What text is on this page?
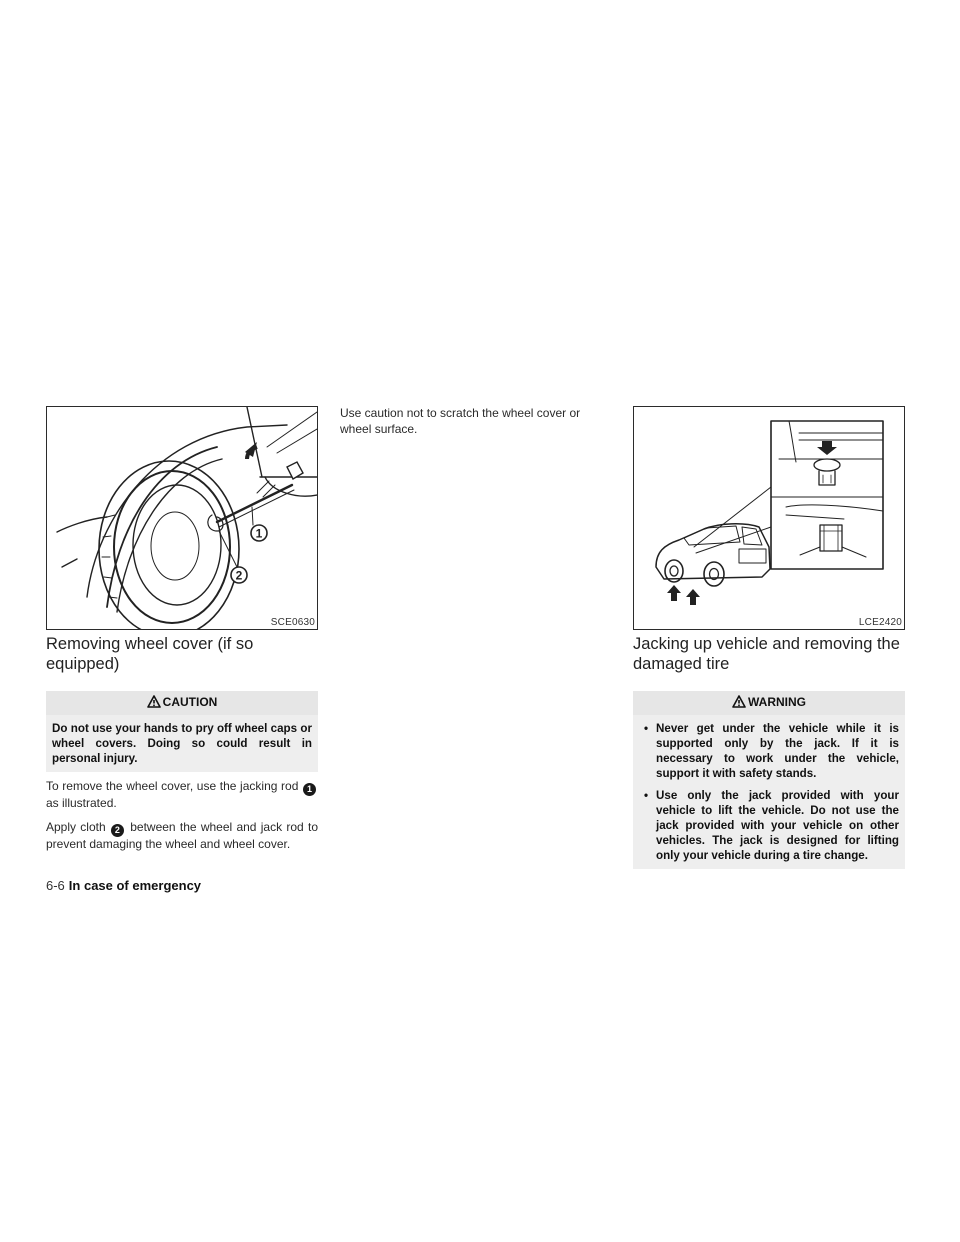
1
2
SCE0630
Removing wheel cover (if so equipped)
CAUTION

Do not use your hands to pry off wheel caps or wheel covers. Doing so could result in personal injury.

To remove the wheel cover, use the jacking rod 1 as illustrated.

Apply cloth 2 between the wheel and jack rod to prevent damaging the wheel and wheel cover.

Use caution not to scratch the wheel cover or wheel surface.

LCE2420
Jacking up vehicle and removing the damaged tire
WARNING
• Never get under the vehicle while it is supported only by the jack. If it is necessary to work under the vehicle, support it with safety stands.
• Use only the jack provided with your vehicle to lift the vehicle. Do not use the jack provided with your vehicle on other vehicles. The jack is designed for lifting only your vehicle during a tire change.
6-6 In case of emergency
